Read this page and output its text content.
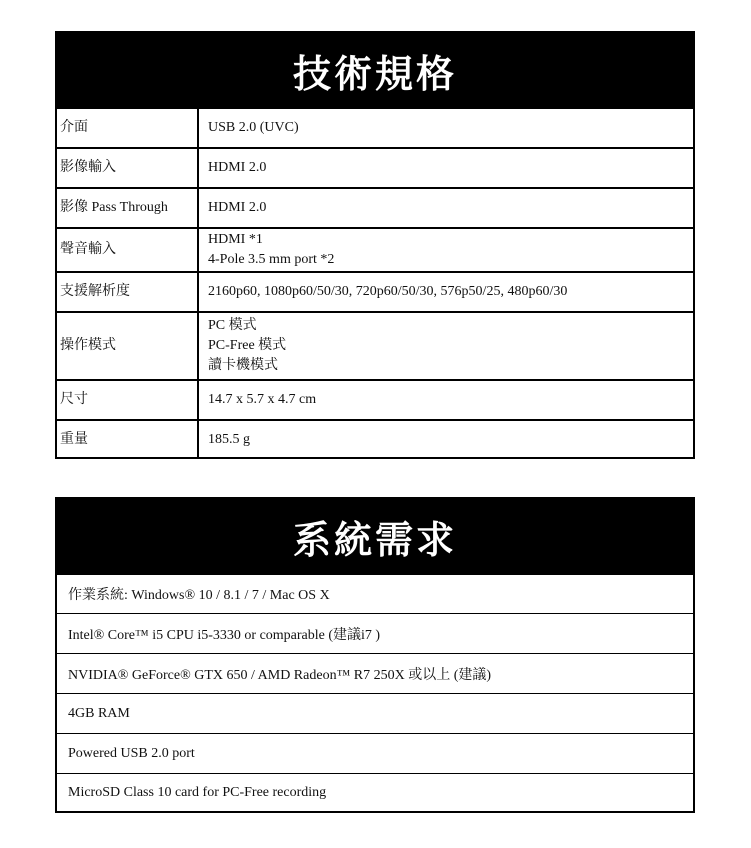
技術規格
介面	USB 2.0 (UVC)

影像輸入	HDMI 2.0

影像 Pass Through	HDMI 2.0

聲音輸入	HDMI *1
4-Pole 3.5 mm port *2

支援解析度	2160p60, 1080p60/50/30, 720p60/50/30, 576p50/25, 480p60/30

操作模式	PC 模式
PC-Free 模式
讀卡機模式

尺寸	14.7 x 5.7 x 4.7 cm

重量	185.5 g
系統需求
作業系統: Windows® 10 / 8.1 / 7 / Mac OS X
Intel® Core™ i5 CPU i5-3330 or comparable (建議i7 )
NVIDIA® GeForce® GTX 650 / AMD Radeon™ R7 250X 或以上 (建議)
4GB RAM
Powered USB 2.0 port
MicroSD Class 10 card for PC-Free recording
